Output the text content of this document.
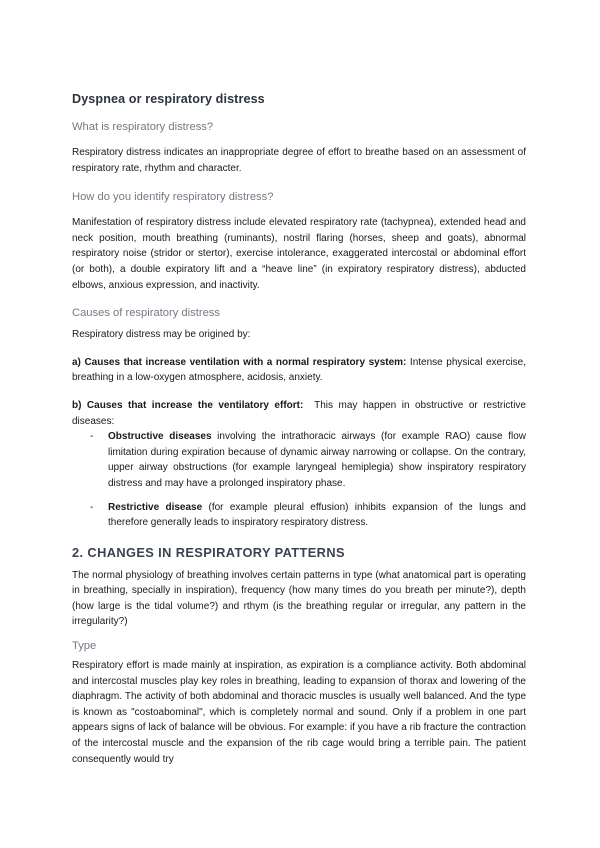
Dyspnea or respiratory distress
What is respiratory distress?

Respiratory distress indicates an inappropriate degree of effort to breathe based on an assessment of respiratory rate, rhythm and character.

How do you identify respiratory distress?

Manifestation of respiratory distress include elevated respiratory rate (tachypnea), extended head and neck position, mouth breathing (ruminants), nostril flaring (horses, sheep and goats), abnormal respiratory noise (stridor or stertor), exercise intolerance, exaggerated intercostal or abdominal effort (or both), a double expiratory lift and a “heave line” (in expiratory respiratory distress), abducted elbows, anxious expression, and inactivity.

Causes of respiratory distress

Respiratory distress may be origined by:

a) Causes that increase ventilation with a normal respiratory system: Intense physical exercise, breathing in a low-oxygen atmosphere, acidosis, anxiety.

b) Causes that increase the ventilatory effort:  This may happen in obstructive or restrictive diseases:

- Obstructive diseases involving the intrathoracic airways (for example RAO) cause flow limitation during expiration because of dynamic airway narrowing or collapse. On the contrary, upper airway obstructions (for example laryngeal hemiplegia) show inspiratory respiratory distress and may have a prolonged inspiratory phase.
- Restrictive disease (for example pleural effusion) inhibits expansion of the lungs and therefore generally leads to inspiratory respiratory distress.
2. CHANGES IN RESPIRATORY PATTERNS

The normal physiology of breathing involves certain patterns in type (what anatomical part is operating in breathing, specially in inspiration), frequency (how many times do you breath per minute?), depth (how large is the tidal volume?) and rthym (is the breathing regular or irregular, any pattern in the irregularity?)

Type

Respiratory effort is made mainly at inspiration, as expiration is a compliance activity. Both abdominal and intercostal muscles play key roles in breathing, leading to expansion of thorax and lowering of the diaphragm. The activity of both abdominal and thoracic muscles is usually well balanced. And the type is known as "costoabominal", which is completely normal and sound. Only if a problem in one part appears signs of lack of balance will be obvious. For example: if you have a rib fracture the contraction of the intercostal muscle and the expansion of the rib cage would bring a terrible pain. The patient consequently would try
